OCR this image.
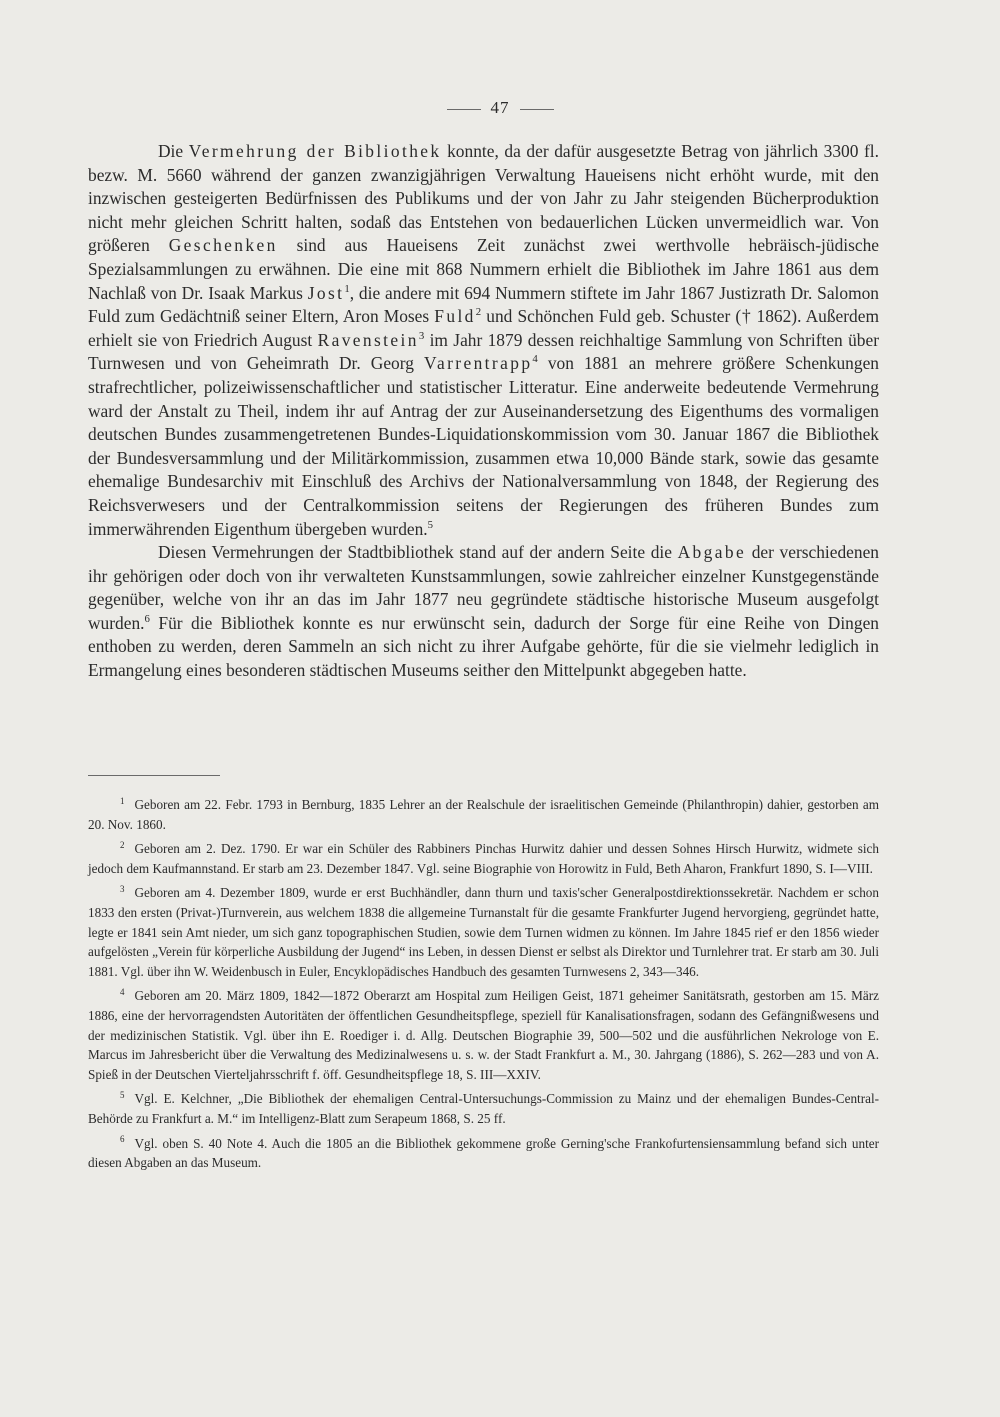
47

Die Vermehrung der Bibliothek konnte, da der dafür ausgesetzte Betrag von jährlich 3300 fl. bezw. M. 5660 während der ganzen zwanzigjährigen Verwaltung Haueisens nicht erhöht wurde, mit den inzwischen gesteigerten Bedürfnissen des Publikums und der von Jahr zu Jahr steigenden Bücherproduktion nicht mehr gleichen Schritt halten, sodaß das Entstehen von bedauerlichen Lücken unvermeidlich war. Von größeren Geschenken sind aus Haueisens Zeit zunächst zwei werthvolle hebräisch-jüdische Spezialsammlungen zu erwähnen. Die eine mit 868 Nummern erhielt die Bibliothek im Jahre 1861 aus dem Nachlaß von Dr. Isaak Markus Jost$^1$, die andere mit 694 Nummern stiftete im Jahr 1867 Justizrath Dr. Salomon Fuld zum Gedächtniß seiner Eltern, Aron Moses Fuld$^2$ und Schönchen Fuld geb. Schuster († 1862). Außerdem erhielt sie von Friedrich August Ravenstein$^3$ im Jahr 1879 dessen reichhaltige Sammlung von Schriften über Turnwesen und von Geheimrath Dr. Georg Varrentrapp$^4$ von 1881 an mehrere größere Schenkungen strafrechtlicher, polizeiwissenschaftlicher und statistischer Litteratur. Eine anderweite bedeutende Vermehrung ward der Anstalt zu Theil, indem ihr auf Antrag der zur Auseinandersetzung des Eigenthums des vormaligen deutschen Bundes zusammengetretenen Bundes-Liquidationskommission vom 30. Januar 1867 die Bibliothek der Bundesversammlung und der Militärkommission, zusammen etwa 10,000 Bände stark, sowie das gesamte ehemalige Bundesarchiv mit Einschluß des Archivs der Nationalversammlung von 1848, der Regierung des Reichsverwesers und der Centralkommission seitens der Regierungen des früheren Bundes zum immerwährenden Eigenthum übergeben wurden.$^5$

Diesen Vermehrungen der Stadtbibliothek stand auf der andern Seite die Abgabe der verschiedenen ihr gehörigen oder doch von ihr verwalteten Kunstsammlungen, sowie zahlreicher einzelner Kunstgegenstände gegenüber, welche von ihr an das im Jahr 1877 neu gegründete städtische historische Museum ausgefolgt wurden.$^6$ Für die Bibliothek konnte es nur erwünscht sein, dadurch der Sorge für eine Reihe von Dingen enthoben zu werden, deren Sammeln an sich nicht zu ihrer Aufgabe gehörte, für die sie vielmehr lediglich in Ermangelung eines besonderen städtischen Museums seither den Mittelpunkt abgegeben hatte.

$^1$ Geboren am 22. Febr. 1793 in Bernburg, 1835 Lehrer an der Realschule der israelitischen Gemeinde (Philanthropin) dahier, gestorben am 20. Nov. 1860.

$^2$ Geboren am 2. Dez. 1790. Er war ein Schüler des Rabbiners Pinchas Hurwitz dahier und dessen Sohnes Hirsch Hurwitz, widmete sich jedoch dem Kaufmannstand. Er starb am 23. Dezember 1847. Vgl. seine Biographie von Horowitz in Fuld, Beth Aharon, Frankfurt 1890, S. I—VIII.

$^3$ Geboren am 4. Dezember 1809, wurde er erst Buchhändler, dann thurn und taxis'scher Generalpostdirektionssekretär. Nachdem er schon 1833 den ersten (Privat-)Turnverein, aus welchem 1838 die allgemeine Turnanstalt für die gesamte Frankfurter Jugend hervorgieng, gegründet hatte, legte er 1841 sein Amt nieder, um sich ganz topographischen Studien, sowie dem Turnen widmen zu können. Im Jahre 1845 rief er den 1856 wieder aufgelösten „Verein für körperliche Ausbildung der Jugend“ ins Leben, in dessen Dienst er selbst als Direktor und Turnlehrer trat. Er starb am 30. Juli 1881. Vgl. über ihn W. Weidenbusch in Euler, Encyklopädisches Handbuch des gesamten Turnwesens 2, 343—346.

$^4$ Geboren am 20. März 1809, 1842—1872 Oberarzt am Hospital zum Heiligen Geist, 1871 geheimer Sanitätsrath, gestorben am 15. März 1886, eine der hervorragendsten Autoritäten der öffentlichen Gesundheitspflege, speziell für Kanalisationsfragen, sodann des Gefängnißwesens und der medizinischen Statistik. Vgl. über ihn E. Roediger i. d. Allg. Deutschen Biographie 39, 500—502 und die ausführlichen Nekrologe von E. Marcus im Jahresbericht über die Verwaltung des Medizinalwesens u. s. w. der Stadt Frankfurt a. M., 30. Jahrgang (1886), S. 262—283 und von A. Spieß in der Deutschen Vierteljahrsschrift f. öff. Gesundheitspflege 18, S. III—XXIV.

$^5$ Vgl. E. Kelchner, „Die Bibliothek der ehemaligen Central-Untersuchungs-Commission zu Mainz und der ehemaligen Bundes-Central-Behörde zu Frankfurt a. M.“ im Intelligenz-Blatt zum Serapeum 1868, S. 25 ff.

$^6$ Vgl. oben S. 40 Note 4. Auch die 1805 an die Bibliothek gekommene große Gerning'sche Frankofurtensiensammlung befand sich unter diesen Abgaben an das Museum.
